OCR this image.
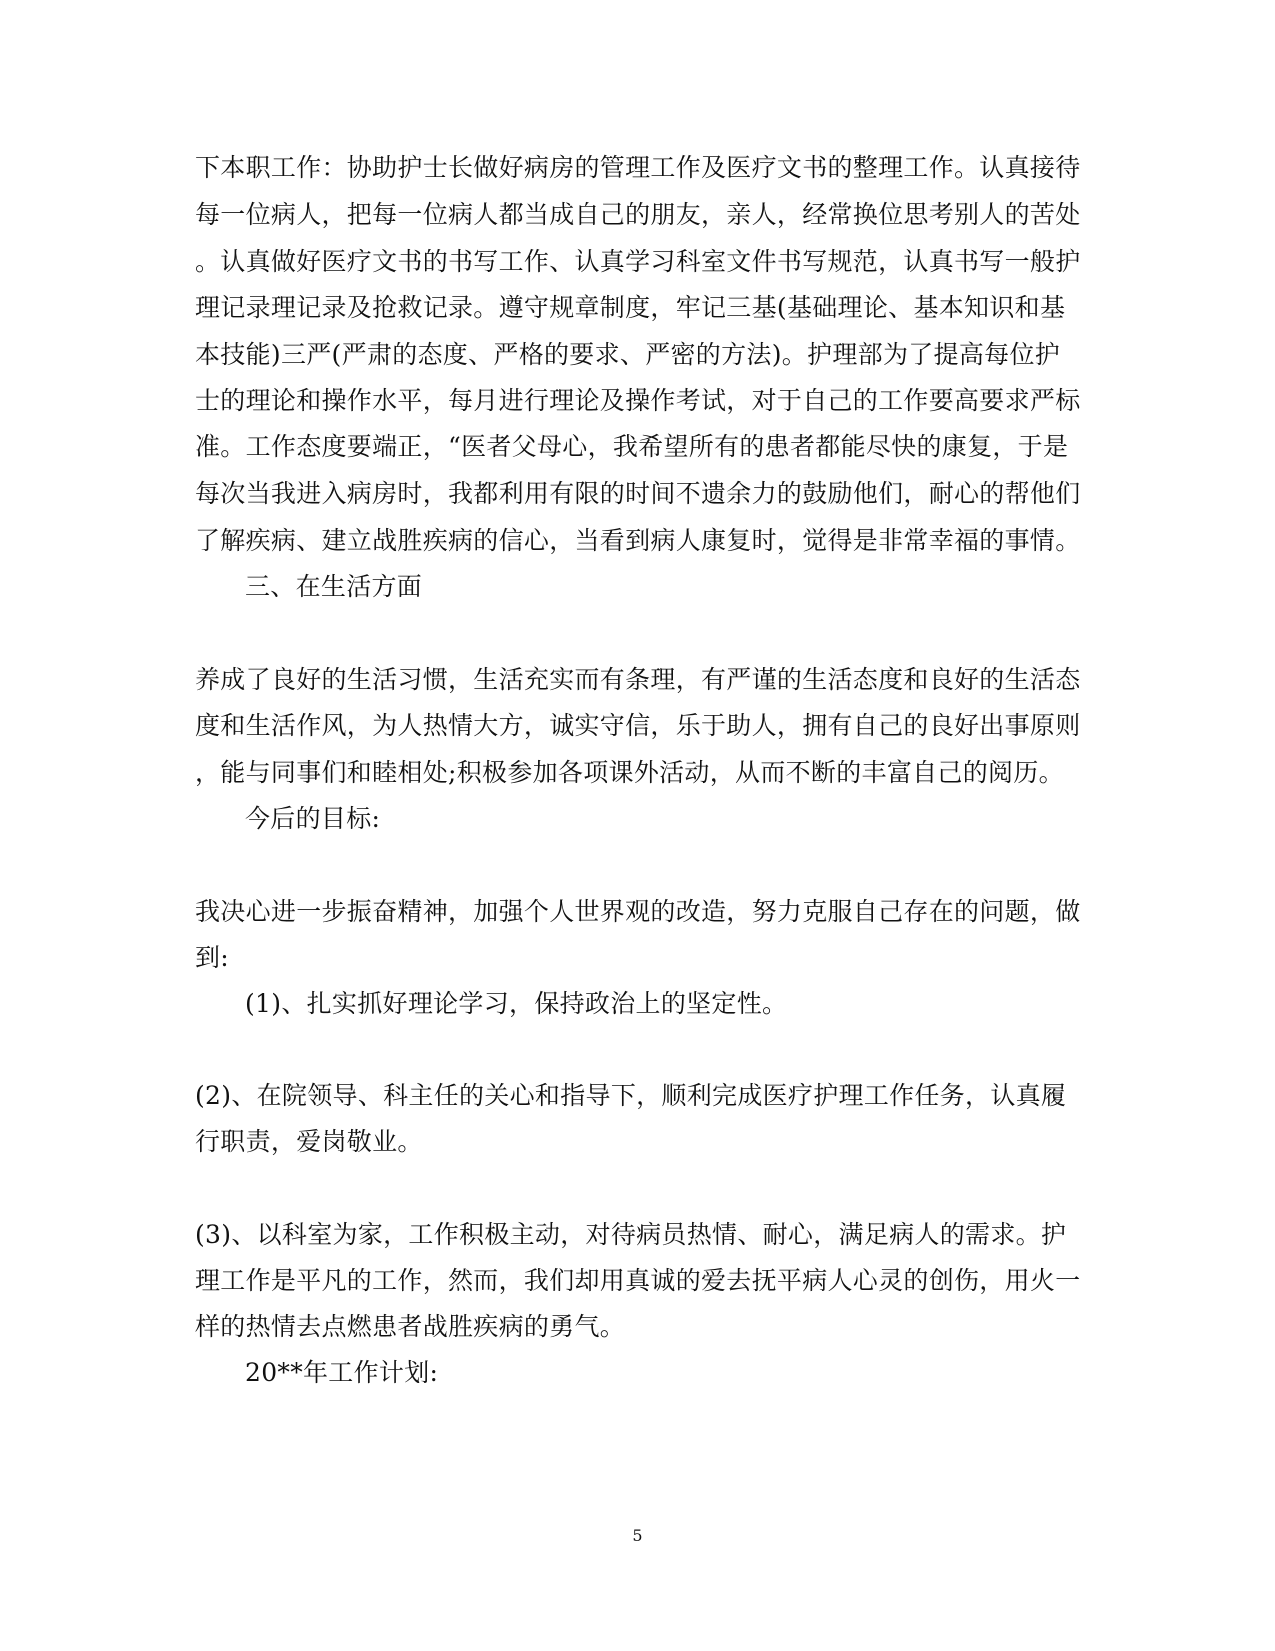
下本职工作：协助护士长做好病房的管理工作及医疗文书的整理工作。认真接待
每一位病人，把每一位病人都当成自己的朋友，亲人，经常换位思考别人的苦处
。认真做好医疗文书的书写工作、认真学习科室文件书写规范，认真书写一般护
理记录理记录及抢救记录。遵守规章制度，牢记三基(基础理论、基本知识和基
本技能)三严(严肃的态度、严格的要求、严密的方法)。护理部为了提高每位护
士的理论和操作水平，每月进行理论及操作考试，对于自己的工作要高要求严标
准。工作态度要端正，“医者父母心，我希望所有的患者都能尽快的康复，于是
每次当我进入病房时，我都利用有限的时间不遗余力的鼓励他们，耐心的帮他们
了解疾病、建立战胜疾病的信心，当看到病人康复时，觉得是非常幸福的事情。
三、在生活方面
养成了良好的生活习惯，生活充实而有条理，有严谨的生活态度和良好的生活态
度和生活作风，为人热情大方，诚实守信，乐于助人，拥有自己的良好出事原则
，能与同事们和睦相处;积极参加各项课外活动，从而不断的丰富自己的阅历。
今后的目标:
我决心进一步振奋精神，加强个人世界观的改造，努力克服自己存在的问题，做
到:
(1)、扎实抓好理论学习，保持政治上的坚定性。
(2)、在院领导、科主任的关心和指导下，顺利完成医疗护理工作任务，认真履
行职责，爱岗敬业。
(3)、以科室为家，工作积极主动，对待病员热情、耐心，满足病人的需求。护
理工作是平凡的工作，然而，我们却用真诚的爱去抚平病人心灵的创伤，用火一
样的热情去点燃患者战胜疾病的勇气。
20**年工作计划:
5
